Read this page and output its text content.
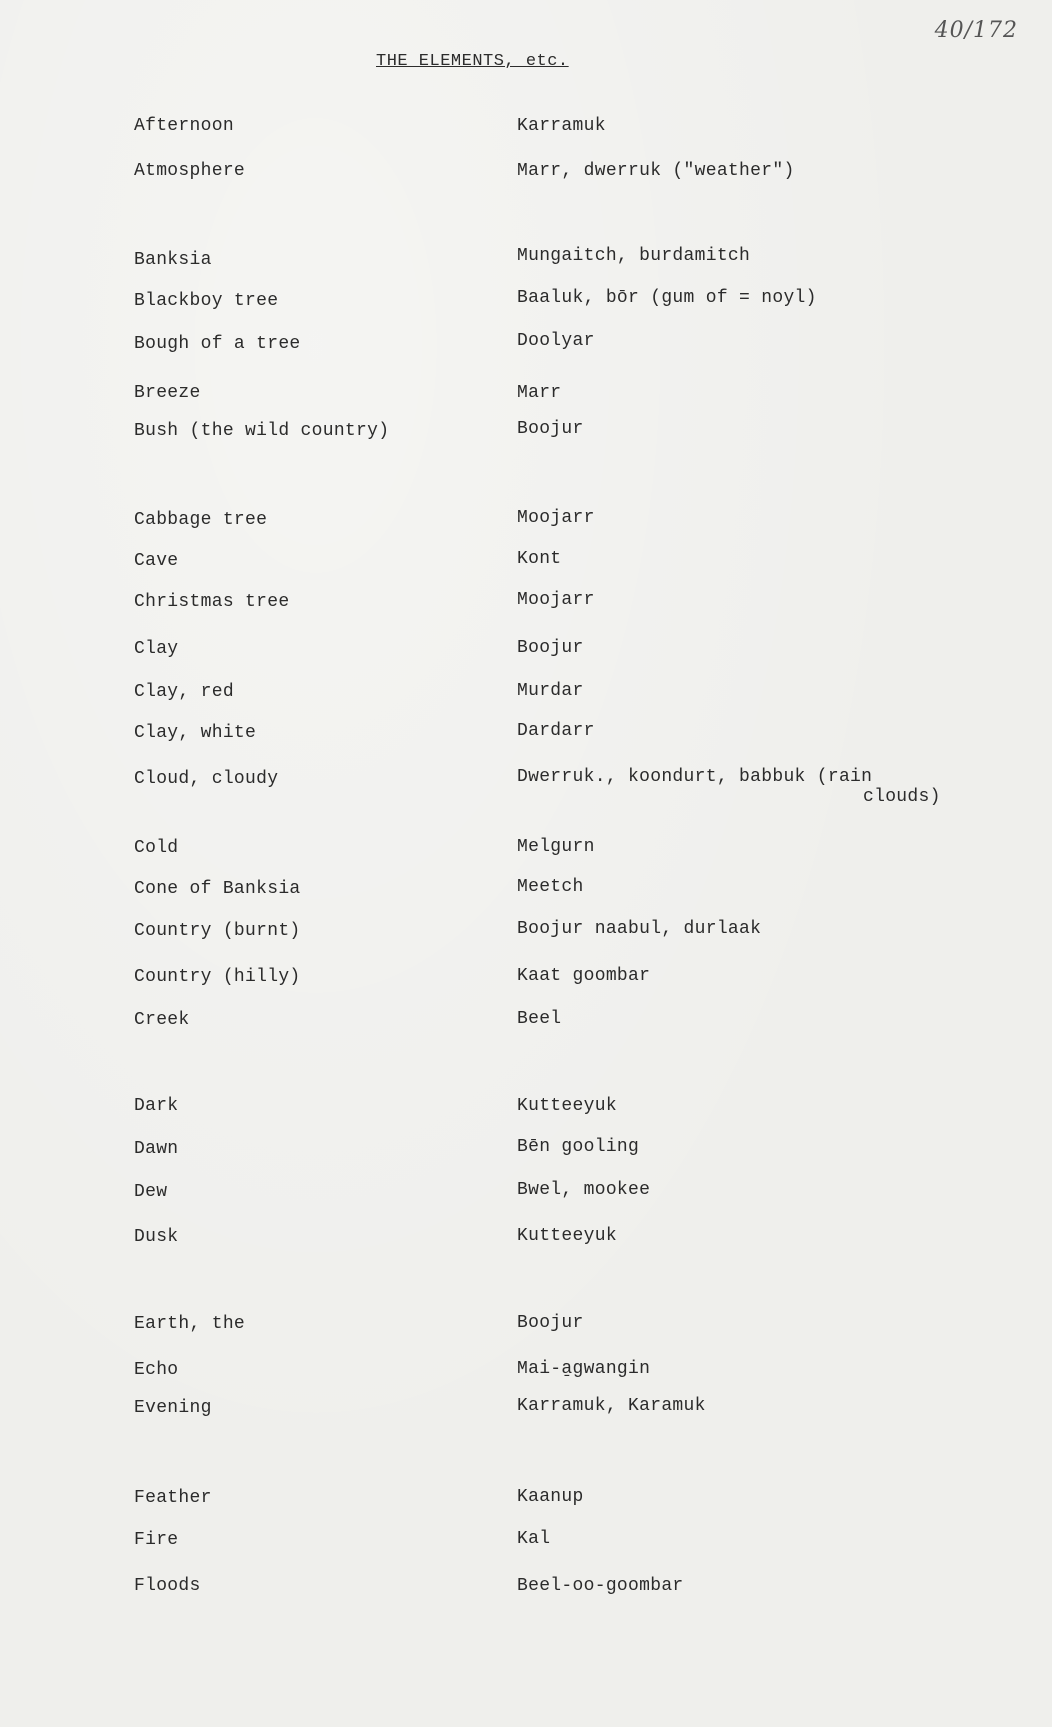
40/172
THE ELEMENTS, etc.
Afternoon	Karramuk
Atmosphere	Marr, dwerruk ("weather")
Banksia	Mungaitch, burdamitch
Blackboy tree	Baaluk, bōr (gum of = noyl)
Bough of a tree	Doolyar
Breeze	Marr
Bush (the wild country)	Boojur
Cabbage tree	Moojarr
Cave	Kont
Christmas tree	Moojarr
Clay	Boojur
Clay, red	Murdar
Clay, white	Dardarr
Cloud, cloudy	Dwerruk., koondurt, babbuk (rain
clouds)
Cold	Melgurn
Cone of Banksia	Meetch
Country (burnt)	Boojur naabul, durlaak
Country (hilly)	Kaat goombar
Creek	Beel
Dark	Kutteeyuk
Dawn	Bēn gooling
Dew	Bwel, mookee
Dusk	Kutteeyuk
Earth, the	Boojur
Echo	Mai-a̱gwangin
Evening	Karramuk, Karamuk
Feather	Kaanup
Fire	Kal
Floods	Beel-oo-goombar
